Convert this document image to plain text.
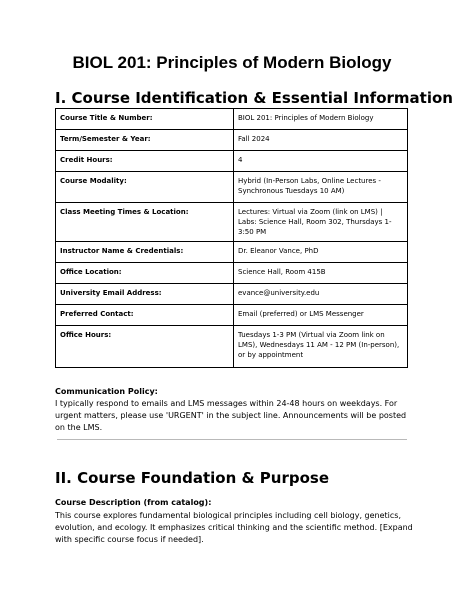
BIOL 201: Principles of Modern Biology
I. Course Identification & Essential Information
Course Title & Number:	BIOL 201: Principles of Modern Biology
Term/Semester & Year:	Fall 2024
Credit Hours:	4
Course Modality:	Hybrid (In-Person Labs, Online Lectures - Synchronous Tuesdays 10 AM)
Class Meeting Times & Location:	Lectures: Virtual via Zoom (link on LMS) | Labs: Science Hall, Room 302, Thursdays 1-3:50 PM
Instructor Name & Credentials:	Dr. Eleanor Vance, PhD
Office Location:	Science Hall, Room 415B
University Email Address:	evance@university.edu
Preferred Contact:	Email (preferred) or LMS Messenger
Office Hours:	Tuesdays 1-3 PM (Virtual via Zoom link on LMS), Wednesdays 11 AM - 12 PM (In-person), or by appointment
Communication Policy:
I typically respond to emails and LMS messages within 24-48 hours on weekdays. For urgent matters, please use 'URGENT' in the subject line. Announcements will be posted on the LMS.
II. Course Foundation & Purpose
Course Description (from catalog):
This course explores fundamental biological principles including cell biology, genetics, evolution, and ecology. It emphasizes critical thinking and the scientific method. [Expand with specific course focus if needed].
